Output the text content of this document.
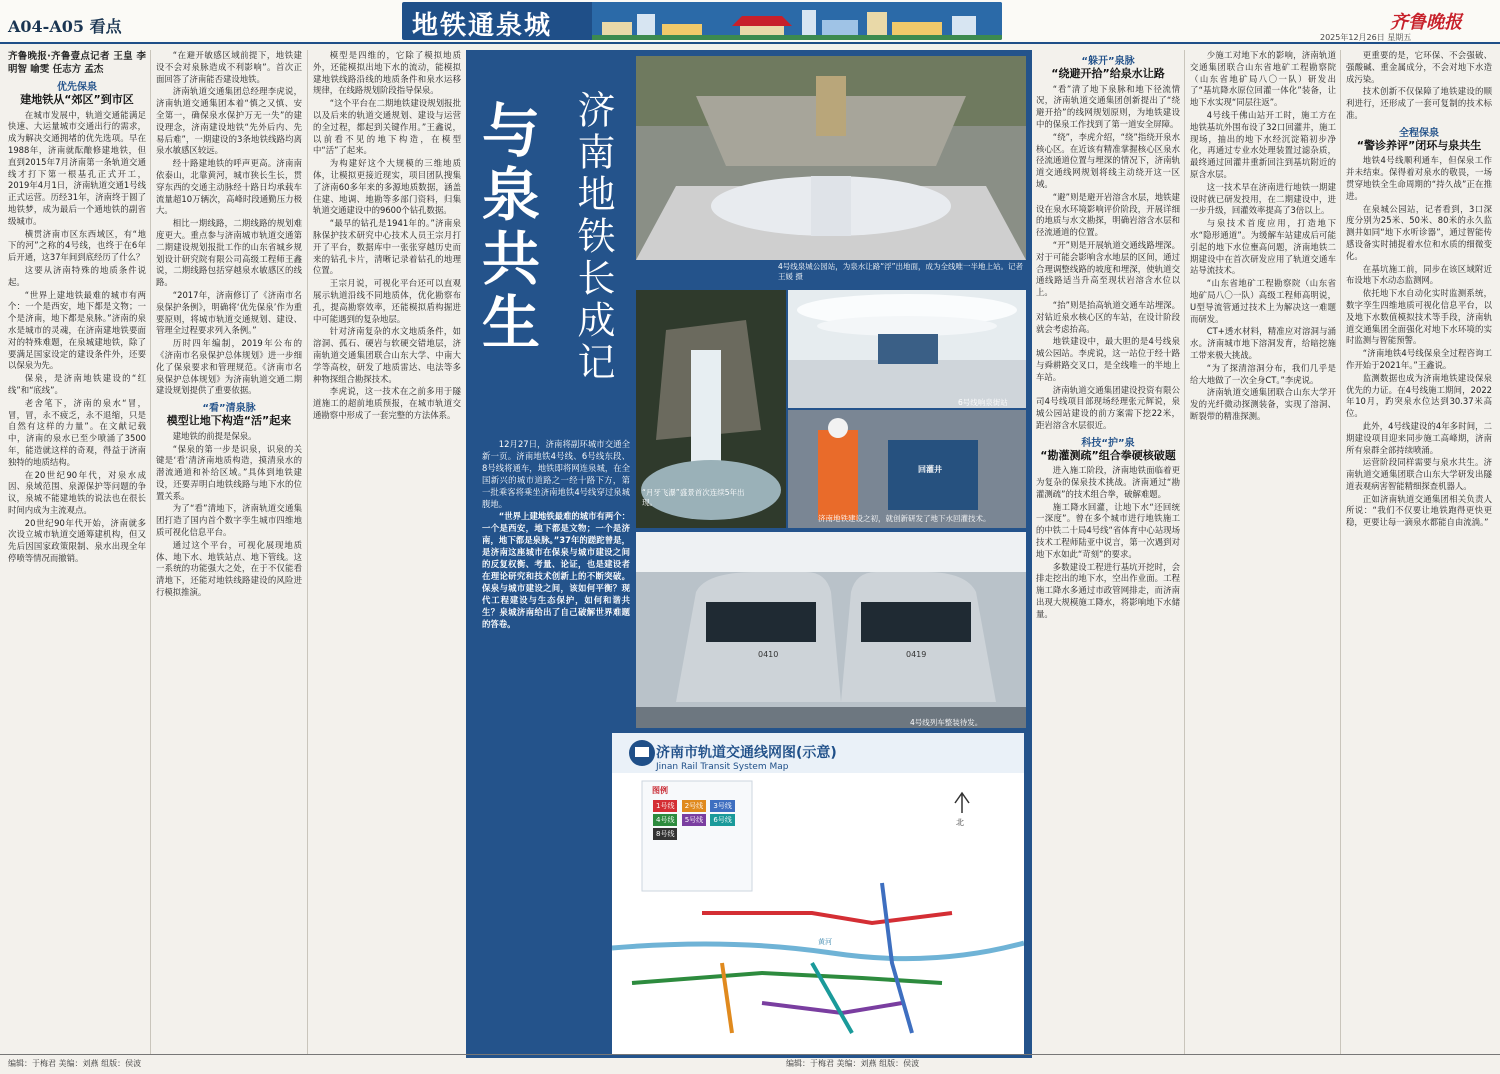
A04-A05 看点	地铁通泉城	齐鲁晚报
2025年12月26日 星期五
齐鲁晚报·齐鲁壹点记者 王皇 李明智 喻雯 任志方 孟杰
优先保泉
建地铁从“郊区”到市区

在城市发展中，轨道交通能满足快速、大运量城市交通出行的需求，成为解决交通拥堵的优先选项。早在1988年，济南就酝酿修建地铁，但直到2015年7月济南第一条轨道交通线才打下第一根基孔正式开工，2019年4月1日，济南轨道交通1号线正式运营。历经31年，济南终于圆了地铁梦，成为最后一个通地铁的副省级城市。

横贯济南市区东西域区，有“地下的河”之称的4号线，也终于在6年后开通，这37年间到底经历了什么？

这要从济南特殊的地质条件说起。

“世界上建地铁最难的城市有两个：一个是西安，地下都是文物；一个是济南，地下都是泉脉。”济南的泉水是城市的灵魂，在济南建地铁要面对的特殊难题，在泉城建地铁，除了要满足国家设定的建设条件外，还要以保泉为先。

保泉，是济南地铁建设的“红线”和“底线”。

老舍笔下，济南的泉水“冒，冒，冒，永不疲乏，永不退缩，只是自然有这样的力量”。在文献记载中，济南的泉水已至少喷涌了3500年，能造就这样的奇观，得益于济南独特的地质结构。

在20世纪90年代，对泉水成因、泉域范围、泉源保护等问题的争议，泉城不能建地铁的说法也在很长时间内成为主流观点。

20世纪90年代开始，济南就多次设立城市轨道交通筹建机构，但又先后因国家政策限制、泉水出现全年停喷等情况而撤销。

“在避开敏感区域前提下，地铁建设不会对泉脉造成不利影响”。首次正面回答了济南能否建设地铁。

济南轨道交通集团总经理李虎说，济南轨道交通集团本着“慎之又慎、安全第一，确保泉水保护万无一失”的建设理念，济南建设地铁“先外后内、先易后难”，一期建设的3条地铁线路均离泉水敏感区较远。

经十路建地铁的呼声更高。济南南依泰山，北靠黄河，城市狭长生长，贯穿东西的交通主动脉经十路日均承载车流量超10万辆次，高峰时段通勤压力极大。

相比一期线路，二期线路的规划难度更大。重点参与济南城市轨道交通第二期建设规划报批工作的山东省城乡规划设计研究院有限公司高级工程师王鑫说，二期线路包括穿越泉水敏感区的线路。

“2017年，济南修订了《济南市名泉保护条例》，明确将‘优先保泉’作为重要原则，将城市轨道交通规划、建设、管理全过程要求列入条例。”

历时四年编制，2019年公布的《济南市名泉保护总体规划》进一步细化了保泉要求和管理规范。《济南市名泉保护总体规划》为济南轨道交通二期建设规划提供了重要依据。

“看”清泉脉
模型让地下构造“活”起来

建地铁的前提是保泉。

“保泉的第一步是识泉，识泉的关键是‘看’清济南地质构造，摸清泉水的潜流通道和补给区域。”具体到地铁建设，还要弄明白地铁线路与地下水的位置关系。

为了“看”清地下，济南轨道交通集团打造了国内首个数字孪生城市四维地质可视化信息平台。

通过这个平台，可视化展现地质体、地下水、地铁站点、地下管线。这一系统的功能强大之处，在于不仅能看清地下，还能对地铁线路建设的风险进行模拟推演。

模型是四维的，它除了模拟地质外，还能模拟出地下水的流动，能模拟建地铁线路沿线的地质条件和泉水运移规律，在线路规划阶段指导保泉。

“这个平台在二期地铁建设规划报批以及后来的轨道交通规划、建设与运营的全过程，都起到关键作用。”王鑫说，以前看不见的地下构造，在模型中“活”了起来。

为构建好这个大规模的三维地质体，让模拟更接近现实，项目团队搜集了济南60多年来的多源地质数据，涵盖住建、地调、地勘等多部门资料，归集轨道交通建设中的9600个钻孔数据。

“最早的钻孔是1941年的。”济南泉脉保护技术研究中心技术人员王宗月打开了平台，数据库中一张张穿越历史而来的钻孔卡片，清晰记录着钻孔的地理位置。

王宗月说，可视化平台还可以直观展示轨道沿线不同地质体，优化勘察布孔，提高勘察效率，还能模拟盾构掘进中可能遇到的复杂地层。

针对济南复杂的水文地质条件，如溶洞、孤石、硬岩与软硬交错地层，济南轨道交通集团联合山东大学、中南大学等高校，研发了地质雷达、电法等多种物探组合勘探技术。

李虎说，这一技术在之前多用于隧道施工的超前地质预报，在城市轨道交通勘察中形成了一套完整的方法体系。

与泉共生 济南地铁长成记	4号线泉城公园站，为泉水让路“浮”出地面，成为全线唯一半地上站。记者 王媛 摄
6号线响泉街站
“月牙飞瀑”盛景首次连续5年出现。
回灌井
济南地铁建设之初，就创新研发了地下水回灌技术。

12月27日，济南将副环城市交通全新一页。济南地铁4号线、6号线东段、8号线将通车，地铁即将网连泉城，在全国新兴的城市道路之一经十路下方，第一批乘客将乘坐济南地铁4号线穿过泉城腹地。

“世界上建地铁最难的城市有两个：一个是西安，地下都是文物；一个是济南，地下都是泉脉。”37年的蹉跎曾是，是济南这座城市在保泉与城市建设之间的反复权衡、考量、论证，也是建设者在理论研究和技术创新上的不断突破。保泉与城市建设之间，该如何平衡？现代工程建设与生态保护，如何和谐共生？泉城济南给出了自己破解世界难题的答卷。

0410	0419
4号线列车整装待发。
图例
1号线 2号线 3号线 4号线 5号线 6号线 8号线
北
黄河
济南市轨道交通线网图(示意)
Jinan Rail Transit System Map
“躲开”泉脉
“绕避开拾”给泉水让路

“看”清了地下泉脉和地下径流情况，济南轨道交通集团创新提出了“绕避开拾”的线网规划原则，为地铁建设中的保泉工作找到了第一道安全屏障。

“绕”，李虎介绍，“绕”指绕开泉水核心区。在近该有精准掌握核心区泉水径流通道位置与埋深的情况下，济南轨道交通线网规划将线主动绕开这一区域。

“避”则是避开岩溶含水层，地铁建设在泉水环境影响评价阶段，开展详细的地质与水文勘探，明确岩溶含水层和径流通道的位置。

“开”则是开展轨道交通线路埋深。对于可能会影响含水地层的区间，通过合理调整线路的坡度和埋深，使轨道交通线路适当升高至现状岩溶含水位以上。

“抬”则是抬高轨道交通车站埋深。对钻近泉水核心区的车站，在设计阶段就会考虑抬高。

地铁建设中，最大胆的是4号线泉城公园站。李虎说，这一站位于经十路与舜耕路交叉口，是全线唯一的半地上车站。

济南轨道交通集团建设投资有限公司4号线项目部现场经理张元辉说，泉城公园站建设的前方案需下挖22米，距岩溶含水层很近。

科技“护”泉
“勘灌测疏”组合拳硬核破题

进入施工阶段，济南地铁面临着更为复杂的保泉技术挑战。济南通过“勘灌测疏”的技术组合拳，破解难题。

施工降水回灌，让地下水“还回统一深度”。曾在多个城市进行地铁施工的中铁二十局4号线“省体育中心站现场技术工程师陆亚中说言，第一次遇到对地下水如此“苛刻”的要求。

多数建设工程进行基坑开挖时，会排走挖出的地下水，空出作业面。工程施工降水多通过市政管网排走，而济南出现大规模施工降水，将影响地下水储量。

少施工对地下水的影响，济南轨道交通集团联合山东省地矿工程勘察院（山东省地矿局八〇一队）研发出了“基坑降水原位回灌一体化”装备，让地下水实现“同层往返”。

4号线千佛山站开工时，施工方在地铁基坑外围布设了32口回灌井，施工现场，抽出的地下水经沉淀箱初步净化，再通过专业水处理装置过滤杂质，最终通过回灌井重新回注到基坑附近的原含水层。

这一技术早在济南进行地铁一期建设时就已研发投用，在二期建设中，进一步升级，回灌效率提高了3倍以上。

与泉技术首度应用，打造地下水“隐形通道”。为缓解车站建成后可能引起的地下水位壅高问题，济南地铁二期建设中在首次研发应用了轨道交通车站导流技术。

“山东省地矿工程勘察院（山东省地矿局八〇一队）高级工程师高明说，U型导流管通过技术上为解决这一难题而研发。

CT+透水材料，精准应对溶洞与涌水。济南城市地下溶洞发育，给暗挖施工带来极大挑战。

“为了探清溶洞分布，我们几乎是给大地做了一次全身CT。”李虎说。

济南轨道交通集团联合山东大学开发的光纤微动探测装备，实现了溶洞、断裂带的精准探测。

更重要的是，它环保、不会强破、强酸碱、重金属成分，不会对地下水造成污染。

技术创新不仅保障了地铁建设的顺利进行，还形成了一套可复制的技术标准。

全程保泉
“警诊养评”闭环与泉共生

地铁4号线顺利通车，但保泉工作并未结束。保得着对泉水的敬畏，一场贯穿地铁全生命周期的“持久战”正在推进。

在泉城公园站，记者看到，3口深度分别为25米、50米、80米的永久监测井如同“地下水听诊器”，通过智能传感设备实时捕捉着水位和水质的细微变化。

在基坑施工前，同步在该区域附近布设地下水动态监测网。

依托地下水自动化实时监测系统，数字孪生四维地质可视化信息平台，以及地下水数值模拟技术等手段，济南轨道交通集团全面强化对地下水环境的实时监测与智能预警。

“济南地铁4号线保泉全过程咨询工作开始于2021年。”王鑫说。

监测数据也成为济南地铁建设保泉优先的力证。在4号线施工期间，2022年10月，趵突泉水位达到30.37米高位。

此外，4号线建设的4年多时间，二期建设项目迎来同步施工高峰期，济南所有泉群全部持续喷涌。

运营阶段同样需要与泉水共生。济南轨道交通集团联合山东大学研发出隧道表观病害智能精细探查机器人。

正如济南轨道交通集团相关负责人所说：“我们不仅要让地铁跑得更快更稳，更要让每一滴泉水都能自由流淌。”

编辑：于梅君 美编：刘燕 组版：侯波	编辑：于梅君 美编：刘燕 组版：侯波
